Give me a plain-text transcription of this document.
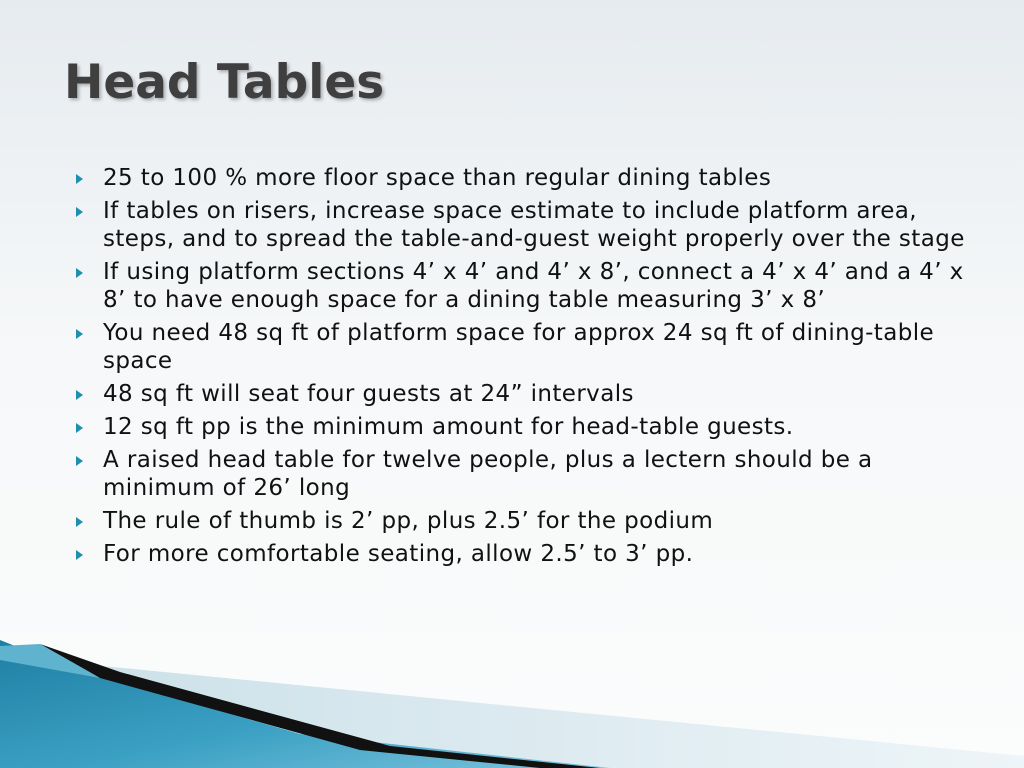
Head Tables
25 to 100 % more floor space than regular dining tables
If tables on risers, increase space estimate to include platform area, steps, and to spread the table-and-guest weight properly over the stage
If using platform sections 4’ x 4’ and 4’ x 8’, connect a 4’ x 4’ and a 4’ x 8’ to have enough space for a dining table measuring 3’ x 8’
You need 48 sq ft of platform space for approx 24 sq ft of dining-table space
48 sq ft will seat four guests at 24” intervals
12 sq ft pp is the minimum amount for head-table guests.
A raised head table for twelve people, plus a lectern should be a minimum of 26’ long
The rule of thumb is 2’ pp, plus 2.5’ for the podium
For more comfortable seating, allow 2.5’ to 3’ pp.
